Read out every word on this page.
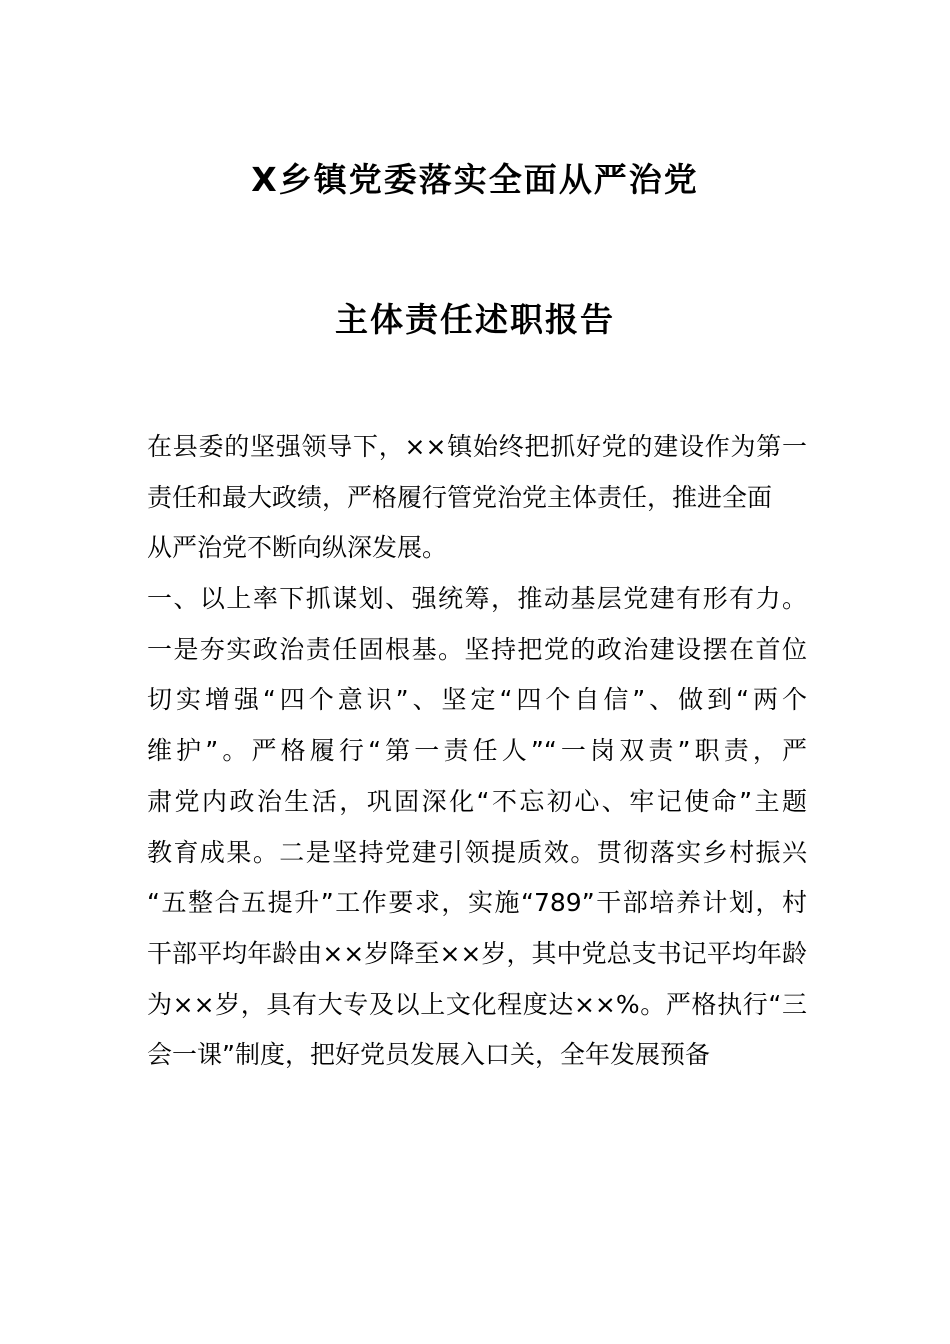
X乡镇党委落实全面从严治党
主体责任述职报告
在县委的坚强领导下，××镇始终把抓好党的建设作为第一
责任和最大政绩，严格履行管党治党主体责任，推进全面
从严治党不断向纵深发展。
一、以上率下抓谋划、强统筹，推动基层党建有形有力。
一是夯实政治责任固根基。坚持把党的政治建设摆在首位
切实增强“四个意识”、坚定“四个自信”、做到“两个
维护”。严格履行“第一责任人”“一岗双责”职责，严
肃党内政治生活，巩固深化“不忘初心、牢记使命”主题
教育成果。二是坚持党建引领提质效。贯彻落实乡村振兴
“五整合五提升”工作要求，实施“789”干部培养计划，村
干部平均年龄由××岁降至××岁，其中党总支书记平均年龄
为××岁，具有大专及以上文化程度达××%。严格执行“三
会一课”制度，把好党员发展入口关，全年发展预备
